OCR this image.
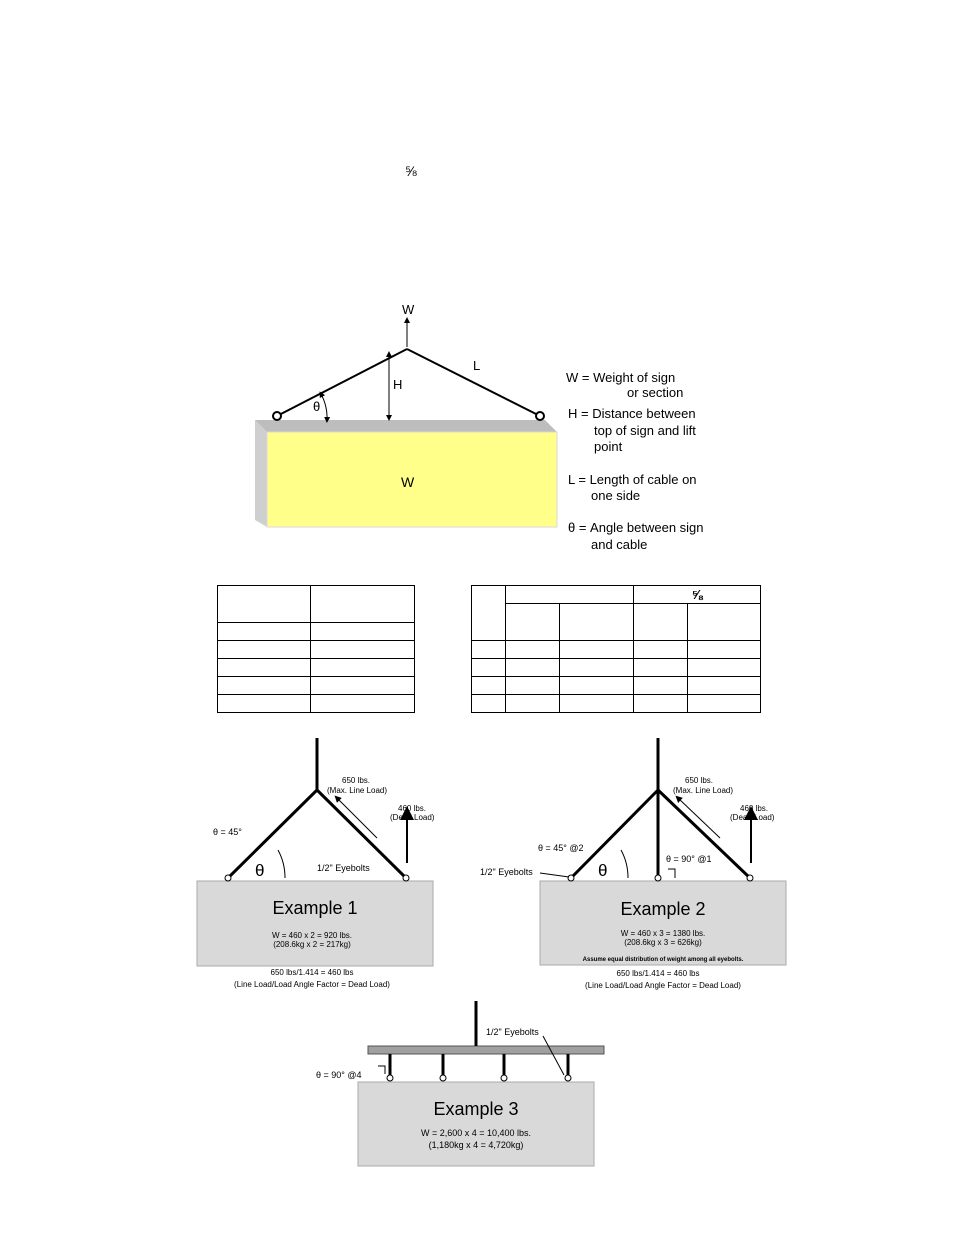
⅝
W
L
H
θ
W
W = Weight of sign
or section
H = Distance between
top of sign and lift
point
L = Length of cable on
one side
θ = Angle between sign
and cable

			⅝	

650 lbs.
(Max. Line Load)
460 lbs.
(Dead Load)
θ = 45°
θ	1/2" Eyebolts
Example 1
W = 460 x 2 = 920 lbs.
(208.6kg x 2 = 217kg)
650 lbs/1.414 = 460 lbs
(Line Load/Load Angle Factor = Dead Load)
650 lbs.
(Max. Line Load)
460 lbs.
(Dead Load)
θ = 45° @2
θ = 90° @1
θ
1/2" Eyebolts
Example 2
W = 460 x 3 = 1380 lbs.
(208.6kg x 3 = 626kg)
Assume equal distribution of weight among all eyebolts.
650 lbs/1.414 = 460 lbs
(Line Load/Load Angle Factor = Dead Load)
1/2" Eyebolts
θ = 90° @4
Example 3
W = 2,600 x 4 = 10,400 lbs.
(1,180kg x 4 = 4,720kg)
